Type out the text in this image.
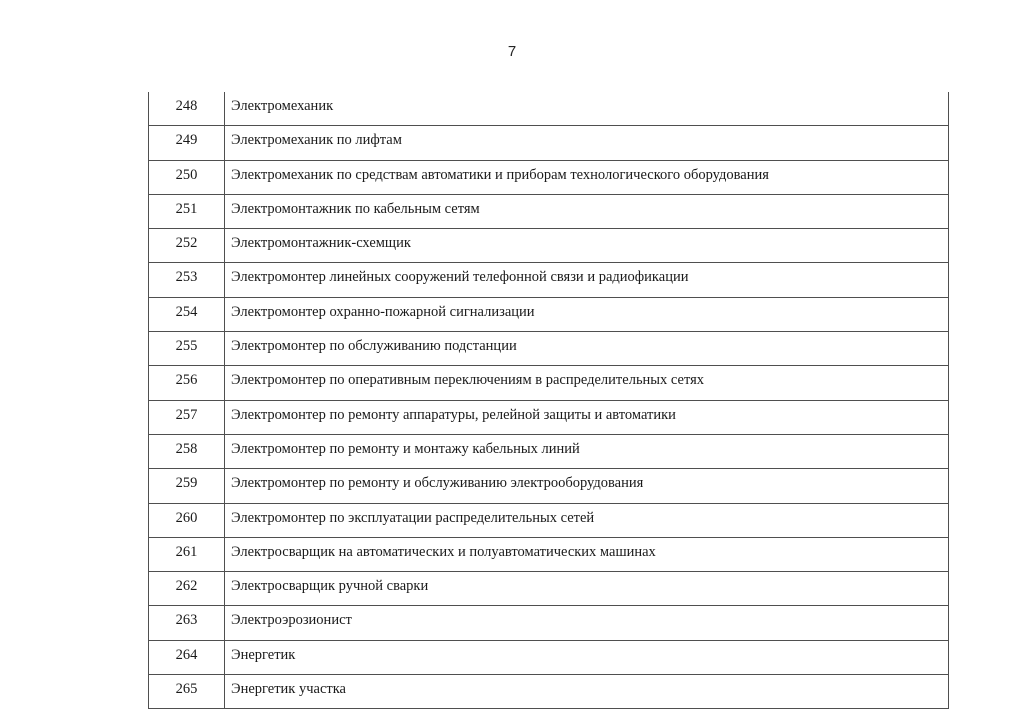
7
248	Электромеханик
249	Электромеханик по лифтам
250	Электромеханик по средствам автоматики и приборам технологического оборудования
251	Электромонтажник по кабельным сетям
252	Электромонтажник-схемщик
253	Электромонтер линейных сооружений телефонной связи и радиофикации
254	Электромонтер охранно-пожарной сигнализации
255	Электромонтер по обслуживанию подстанции
256	Электромонтер по оперативным переключениям в распределительных сетях
257	Электромонтер по ремонту аппаратуры, релейной защиты и автоматики
258	Электромонтер по ремонту и монтажу кабельных линий
259	Электромонтер по ремонту и обслуживанию электрооборудования
260	Электромонтер по эксплуатации распределительных сетей
261	Электросварщик на автоматических и полуавтоматических машинах
262	Электросварщик ручной сварки
263	Электроэрозионист
264	Энергетик
265	Энергетик участка
